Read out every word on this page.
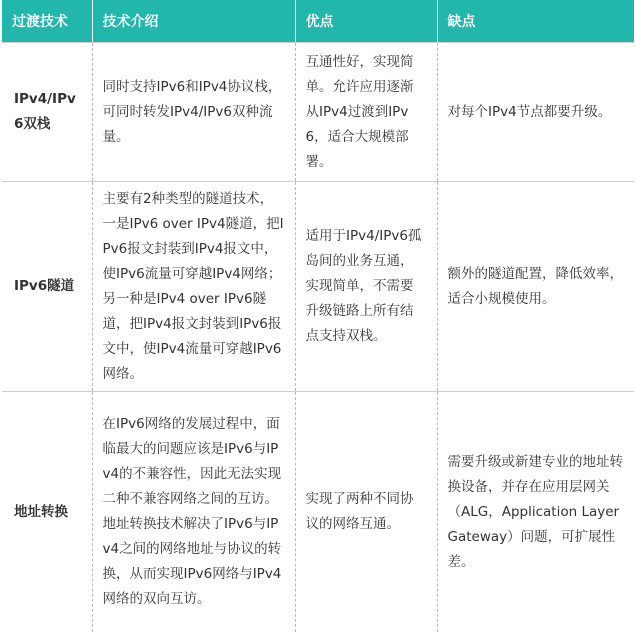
过渡技术	技术介绍	优点	缺点
IPv4/IPv6双栈	同时支持IPv6和IPv4协议栈，可同时转发IPv4/IPv6双种流量。	互通性好，实现简单。允许应用逐渐从IPv4过渡到IPv6，适合大规模部署。	对每个IPv4节点都要升级。
IPv6隧道	主要有2种类型的隧道技术，一是IPv6 over IPv4隧道，把IPv6报文封装到IPv4报文中，使IPv6流量可穿越IPv4网络；另一种是IPv4 over IPv6隧道，把IPv4报文封装到IPv6报文中，使IPv4流量可穿越IPv6网络。	适用于IPv4/IPv6孤岛间的业务互通，实现简单，不需要升级链路上所有结点支持双栈。	额外的隧道配置，降低效率，适合小规模使用。
地址转换	在IPv6网络的发展过程中，面临最大的问题应该是IPv6与IPv4的不兼容性，因此无法实现二种不兼容网络之间的互访。地址转换技术解决了IPv6与IPv4之间的网络地址与协议的转换，从而实现IPv6网络与IPv4网络的双向互访。	实现了两种不同协议的网络互通。	需要升级或新建专业的地址转换设备，并存在应用层网关（ALG，Application Layer Gateway）问题，可扩展性差。
